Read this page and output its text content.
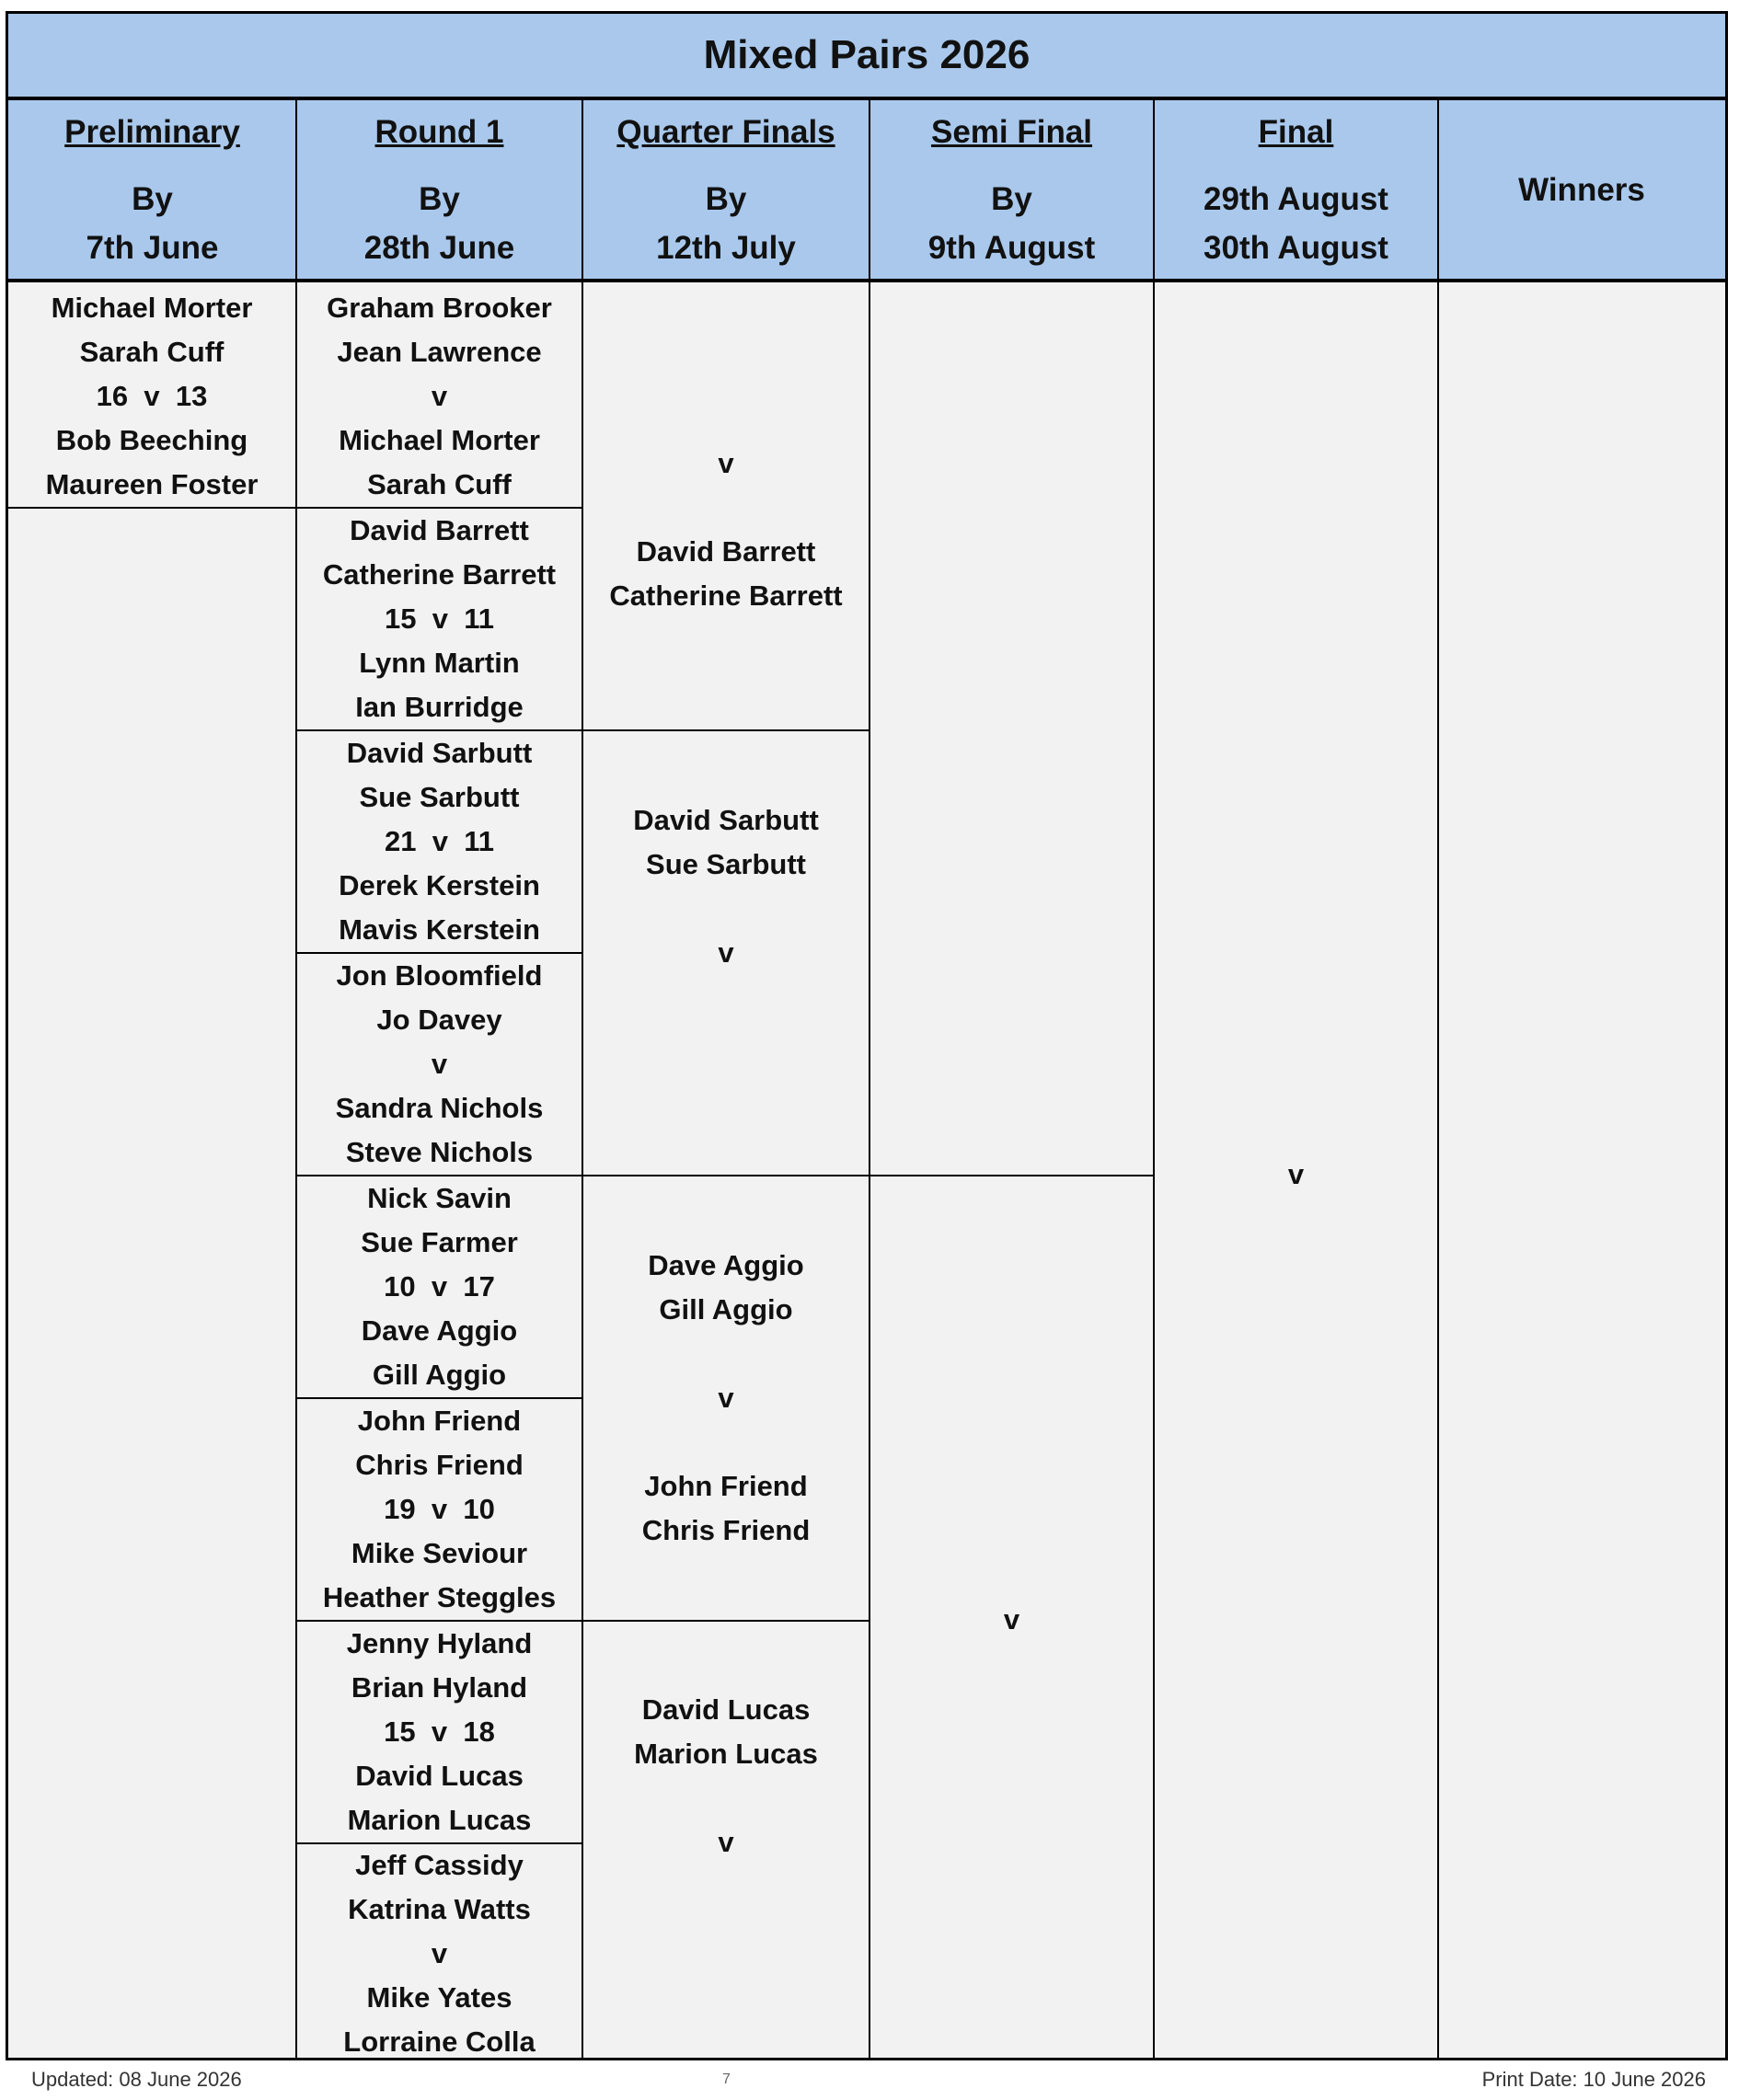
Mixed Pairs 2026
Preliminary
By
7th June
Round 1
By
28th June
Quarter Finals
By
12th July
Semi Final
By
9th August
Final
29th August
30th August
Winners
Michael Morter
Sarah Cuff
16  v  13
Bob Beeching
Maureen Foster
Graham Brooker
Jean Lawrence
v
Michael Morter
Sarah Cuff
David Barrett
Catherine Barrett
15  v  11
Lynn Martin
Ian Burridge
David Sarbutt
Sue Sarbutt
21  v  11
Derek Kerstein
Mavis Kerstein
Jon Bloomfield
Jo Davey
v
Sandra Nichols
Steve Nichols
Nick Savin
Sue Farmer
10  v  17
Dave Aggio
Gill Aggio
John Friend
Chris Friend
19  v  10
Mike Seviour
Heather Steggles
Jenny Hyland
Brian Hyland
15  v  18
David Lucas
Marion Lucas
Jeff Cassidy
Katrina Watts
v
Mike Yates
Lorraine Colla
v
David Barrett
Catherine Barrett
David Sarbutt
Sue Sarbutt
v
Dave Aggio
Gill Aggio
v
John Friend
Chris Friend
David Lucas
Marion Lucas
v
v
v
Updated: 08 June 2026	7	Print Date: 10 June 2026
